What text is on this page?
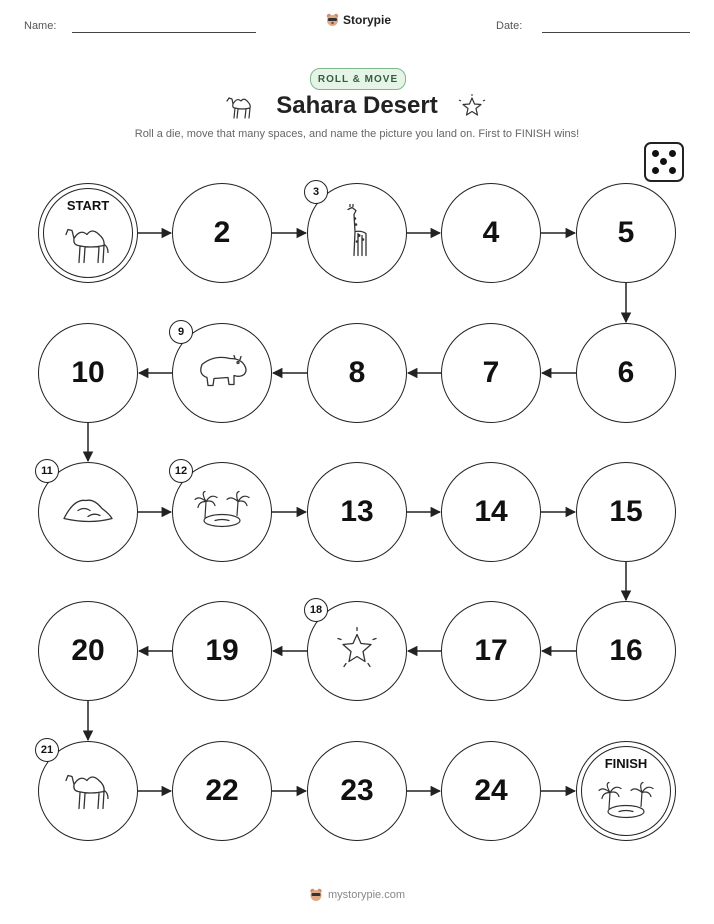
Name:	Storypie	Date:
ROLL & MOVE
Sahara Desert
Roll a die, move that many spaces, and name the picture you land on. First to FINISH wins!
START
2
3
4	5
6
7
8
9
10
11	12
13	14	15
16
17
18
19
20
21
22	23	24
FINISH
mystorypie.com
